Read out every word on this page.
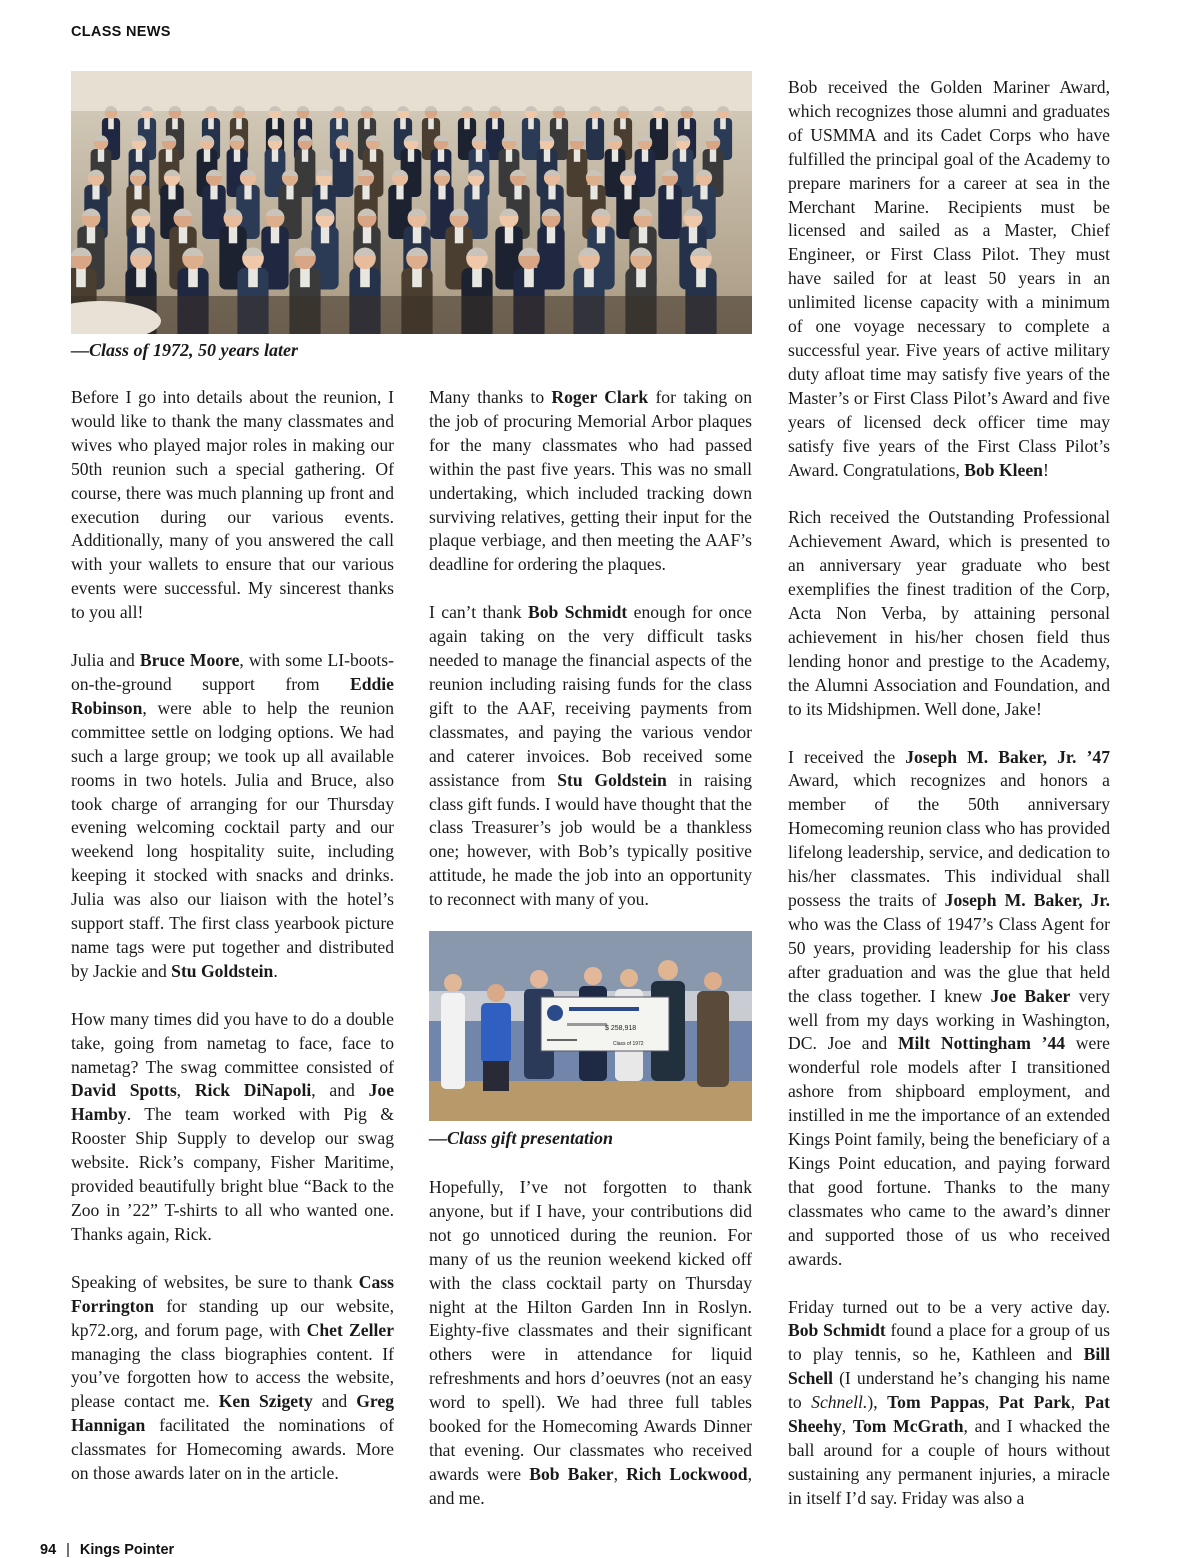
CLASS NEWS
—Class of 1972, 50 years later

Before I go into details about the reunion, I would like to thank the many classmates and wives who played major roles in making our 50th reunion such a special gathering. Of course, there was much planning up front and execution during our various events. Additionally, many of you answered the call with your wallets to ensure that our various events were successful. My sincerest thanks to you all!

Julia and Bruce Moore, with some LI-boots-on-the-ground support from Eddie Robinson, were able to help the reunion committee settle on lodging options. We had such a large group; we took up all available rooms in two hotels. Julia and Bruce, also took charge of arranging for our Thursday evening welcoming cocktail party and our weekend long hospitality suite, including keeping it stocked with snacks and drinks. Julia was also our liaison with the hotel’s support staff. The first class yearbook picture name tags were put together and distributed by Jackie and Stu Goldstein.

How many times did you have to do a double take, going from nametag to face, face to nametag? The swag committee consisted of David Spotts, Rick DiNapoli, and Joe Hamby. The team worked with Pig & Rooster Ship Supply to develop our swag website. Rick’s company, Fisher Maritime, provided beautifully bright blue “Back to the Zoo in ’22” T-shirts to all who wanted one. Thanks again, Rick.

Speaking of websites, be sure to thank Cass Forrington for standing up our website, kp72.org, and forum page, with Chet Zeller managing the class biographies content. If you’ve forgotten how to access the website, please contact me. Ken Szigety and Greg Hannigan facilitated the nominations of classmates for Homecoming awards. More on those awards later on in the article.

Many thanks to Roger Clark for taking on the job of procuring Memorial Arbor plaques for the many classmates who had passed within the past five years. This was no small undertaking, which included tracking down surviving relatives, getting their input for the plaque verbiage, and then meeting the AAF’s deadline for ordering the plaques.

I can’t thank Bob Schmidt enough for once again taking on the very difficult tasks needed to manage the financial aspects of the reunion including raising funds for the class gift to the AAF, receiving payments from classmates, and paying the various vendor and caterer invoices. Bob received some assistance from Stu Goldstein in raising class gift funds. I would have thought that the class Treasurer’s job would be a thankless one; however, with Bob’s typically positive attitude, he made the job into an opportunity to reconnect with many of you.

$ 258,918
Class of 1972
—Class gift presentation

Hopefully, I’ve not forgotten to thank anyone, but if I have, your contributions did not go unnoticed during the reunion. For many of us the reunion weekend kicked off with the class cocktail party on Thursday night at the Hilton Garden Inn in Roslyn. Eighty-five classmates and their significant others were in attendance for liquid refreshments and hors d’oeuvres (not an easy word to spell). We had three full tables booked for the Homecoming Awards Dinner that evening. Our classmates who received awards were Bob Baker, Rich Lockwood, and me.

Bob received the Golden Mariner Award, which recognizes those alumni and graduates of USMMA and its Cadet Corps who have fulfilled the principal goal of the Academy to prepare mariners for a career at sea in the Merchant Marine. Recipients must be licensed and sailed as a Master, Chief Engineer, or First Class Pilot. They must have sailed for at least 50 years in an unlimited license capacity with a minimum of one voyage necessary to complete a successful year. Five years of active military duty afloat time may satisfy five years of the Master’s or First Class Pilot’s Award and five years of licensed deck officer time may satisfy five years of the First Class Pilot’s Award. Congratulations, Bob Kleen!

Rich received the Outstanding Professional Achievement Award, which is presented to an anniversary year graduate who best exemplifies the finest tradition of the Corp, Acta Non Verba, by attaining personal achievement in his/her chosen field thus lending honor and prestige to the Academy, the Alumni Association and Foundation, and to its Midshipmen. Well done, Jake!

I received the Joseph M. Baker, Jr. ’47 Award, which recognizes and honors a member of the 50th anniversary Homecoming reunion class who has provided lifelong leadership, service, and dedication to his/her classmates. This individual shall possess the traits of Joseph M. Baker, Jr. who was the Class of 1947’s Class Agent for 50 years, providing leadership for his class after graduation and was the glue that held the class together. I knew Joe Baker very well from my days working in Washington, DC. Joe and Milt Nottingham ’44 were wonderful role models after I transitioned ashore from shipboard employment, and instilled in me the importance of an extended Kings Point family, being the beneficiary of a Kings Point education, and paying forward that good fortune. Thanks to the many classmates who came to the award’s dinner and supported those of us who received awards.

Friday turned out to be a very active day. Bob Schmidt found a place for a group of us to play tennis, so he, Kathleen and Bill Schell (I understand he’s changing his name to Schnell.), Tom Pappas, Pat Park, Pat Sheehy, Tom McGrath, and I whacked the ball around for a couple of hours without sustaining any permanent injuries, a miracle in itself I’d say. Friday was also a

94 | Kings Pointer
